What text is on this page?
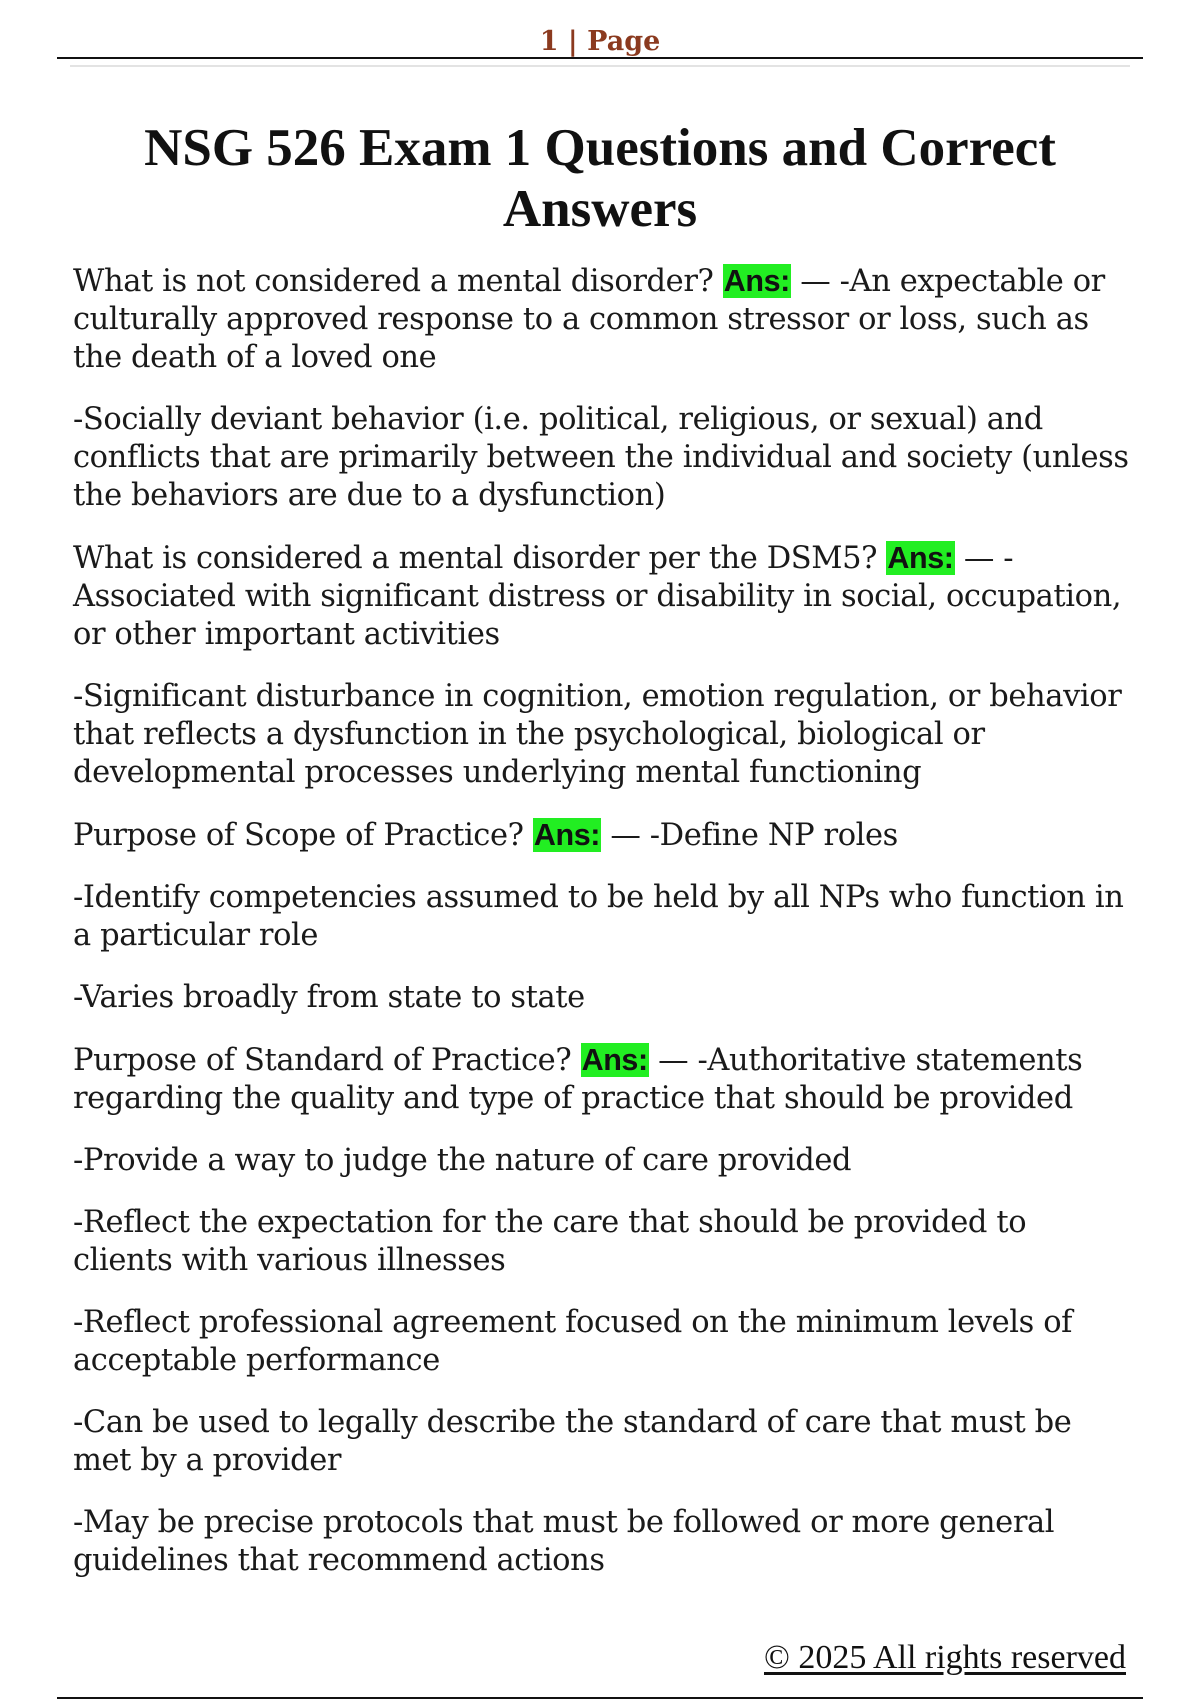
1 | Page
NSG 526 Exam 1 Questions and Correct Answers

What is not considered a mental disorder? Ans: — -An expectable or culturally approved response to a common stressor or loss, such as the death of a loved one

-Socially deviant behavior (i.e. political, religious, or sexual) and conflicts that are primarily between the individual and society (unless the behaviors are due to a dysfunction)

What is considered a mental disorder per the DSM5? Ans: — -Associated with significant distress or disability in social, occupation, or other important activities

-Significant disturbance in cognition, emotion regulation, or behavior that reflects a dysfunction in the psychological, biological or developmental processes underlying mental functioning

Purpose of Scope of Practice? Ans: — -Define NP roles

-Identify competencies assumed to be held by all NPs who function in a particular role

-Varies broadly from state to state

Purpose of Standard of Practice? Ans: — -Authoritative statements regarding the quality and type of practice that should be provided

-Provide a way to judge the nature of care provided

-Reflect the expectation for the care that should be provided to clients with various illnesses

-Reflect professional agreement focused on the minimum levels of acceptable performance

-Can be used to legally describe the standard of care that must be met by a provider

-May be precise protocols that must be followed or more general guidelines that recommend actions

© 2025 All rights reserved
